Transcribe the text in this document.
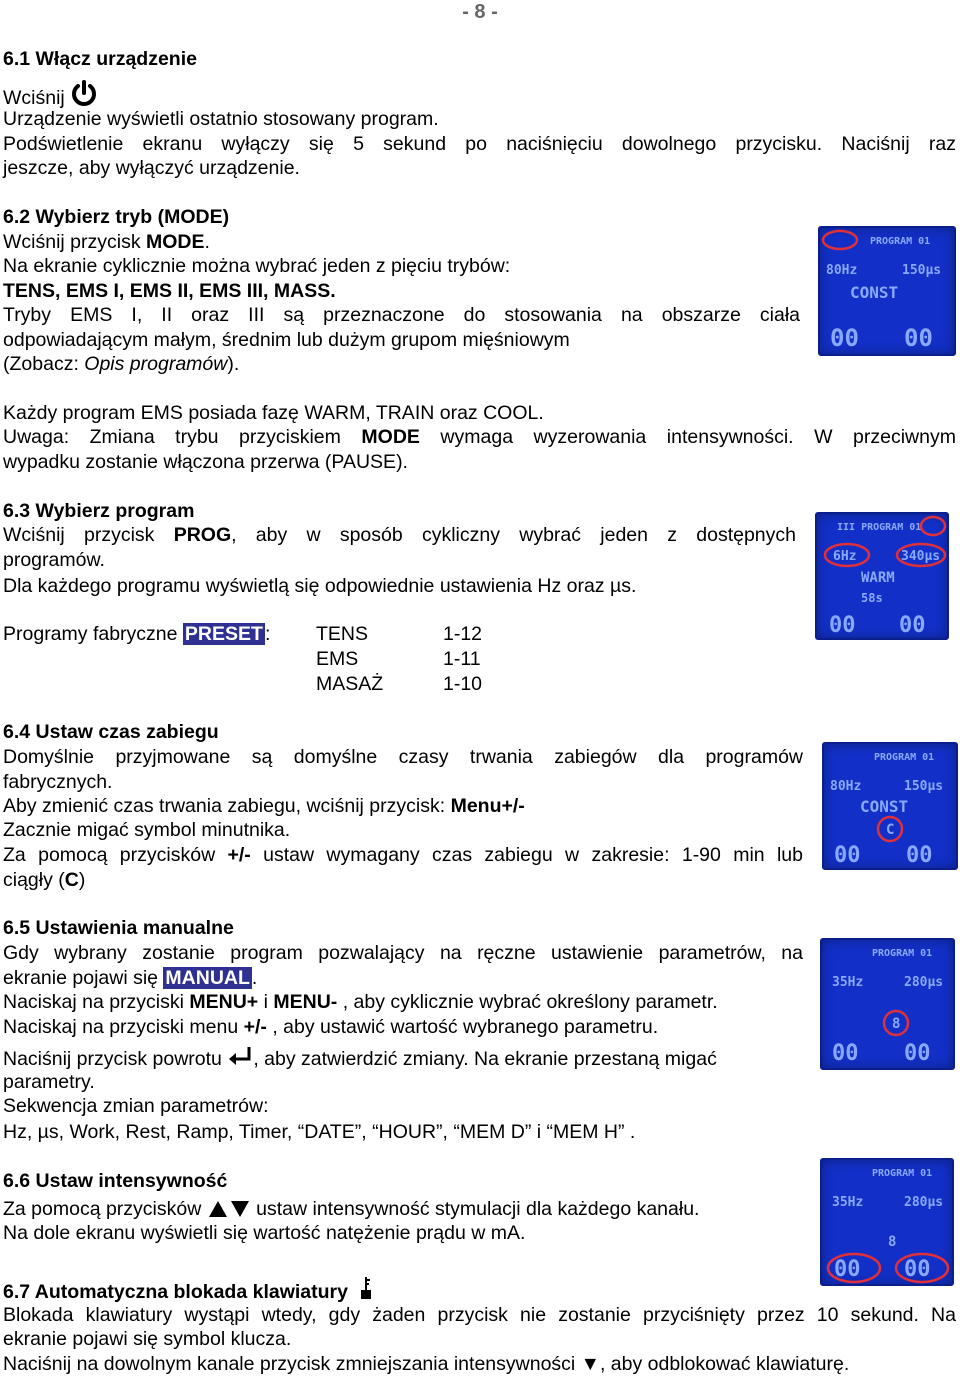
- 8 -
6.1 Włącz urządzenie
Wciśnij
Urządzenie wyświetli ostatnio stosowany program.
Podświetlenie ekranu wyłączy się 5 sekund po naciśnięciu dowolnego przycisku. Naciśnij raz
jeszcze, aby wyłączyć urządzenie.
6.2 Wybierz tryb (MODE)
Wciśnij przycisk MODE.
Na ekranie cyklicznie można wybrać jeden z pięciu trybów:
TENS, EMS I, EMS II, EMS III, MASS.
Tryby EMS I, II oraz III są przeznaczone do stosowania na obszarze ciała
odpowiadającym małym, średnim lub dużym grupom mięśniowym
(Zobacz: Opis programów).
Każdy program EMS posiada fazę WARM, TRAIN oraz COOL.
Uwaga: Zmiana trybu przyciskiem MODE wymaga wyzerowania intensywności. W przeciwnym
wypadku zostanie włączona przerwa (PAUSE).
6.3 Wybierz program
Wciśnij przycisk PROG, aby w sposób cykliczny wybrać jeden z dostępnych
programów.
Dla każdego programu wyświetlą się odpowiednie ustawienia Hz oraz µs.
Programy fabryczne PRESET : TENS	1-12
EMS	1-11
MASAŻ	1-10
6.4 Ustaw czas zabiegu
Domyślnie przyjmowane są domyślne czasy trwania zabiegów dla programów
fabrycznych.
Aby zmienić czas trwania zabiegu, wciśnij przycisk: Menu+/-
Zacznie migać symbol minutnika.
Za pomocą przycisków +/- ustaw wymagany czas zabiegu w zakresie: 1-90 min lub
ciągły (C)
6.5 Ustawienia manualne
Gdy wybrany zostanie program pozwalający na ręczne ustawienie parametrów, na
ekranie pojawi się MANUAL .
Naciskaj na przyciski MENU+ i MENU- , aby cyklicznie wybrać określony parametr.
Naciskaj na przyciski menu +/- , aby ustawić wartość wybranego parametru.
Naciśnij przycisk powrotu , aby zatwierdzić zmiany. Na ekranie przestaną migać
parametry.
Sekwencja zmian parametrów:
Hz, µs, Work, Rest, Ramp, Timer, “DATE”, “HOUR”, “MEM D” i “MEM H” .
6.6 Ustaw intensywność
Za pomocą przycisków  ustaw intensywność stymulacji dla każdego kanału.
Na dole ekranu wyświetli się wartość natężenie prądu w mA.
6.7 Automatyczna blokada klawiatury
Blokada klawiatury wystąpi wtedy, gdy żaden przycisk nie zostanie przyciśnięty przez 10 sekund. Na
ekranie pojawi się symbol klucza.
Naciśnij na dowolnym kanale przycisk zmniejszania intensywności ▼, aby odblokować klawiaturę.
PROGRAM 01
80Hz	150µs
CONST
00 00
III PROGRAM 01
6Hz	340µs
WARM
58s
00 00
PROGRAM 01
80Hz	150µs
CONST
C
00 00
PROGRAM 01
35Hz	280µs
8
00 00
PROGRAM 01
35Hz	280µs
8
00 00
